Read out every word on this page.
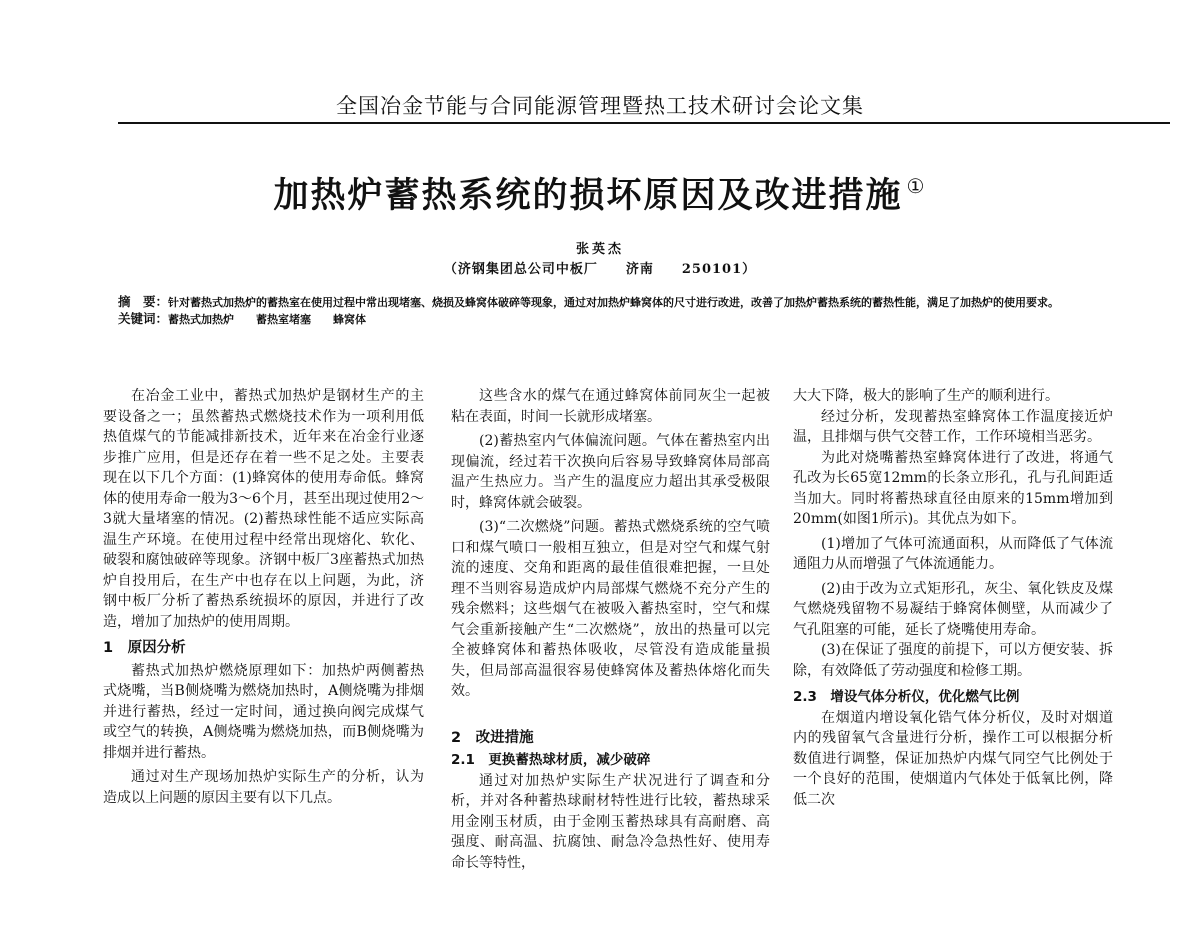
全国冶金节能与合同能源管理暨热工技术研讨会论文集
加热炉蓄热系统的损坏原因及改进措施 ①
张英杰
（济钢集团总公司中板厂　　济南　　250101）
摘　要：针对蓄热式加热炉的蓄热室在使用过程中常出现堵塞、烧损及蜂窝体破碎等现象，通过对加热炉蜂窝体的尺寸进行改进，改善了加热炉蓄热系统的蓄热性能，满足了加热炉的使用要求。
关键词：蓄热式加热炉　　蓄热室堵塞　　蜂窝体

在冶金工业中，蓄热式加热炉是钢材生产的主要设备之一；虽然蓄热式燃烧技术作为一项利用低热值煤气的节能减排新技术，近年来在冶金行业逐步推广应用，但是还存在着一些不足之处。主要表现在以下几个方面：(1)蜂窝体的使用寿命低。蜂窝体的使用寿命一般为3～6个月，甚至出现过使用2～3就大量堵塞的情况。(2)蓄热球性能不适应实际高温生产环境。在使用过程中经常出现熔化、软化、破裂和腐蚀破碎等现象。济钢中板厂3座蓄热式加热炉自投用后，在生产中也存在以上问题，为此，济钢中板厂分析了蓄热系统损坏的原因，并进行了改造，增加了加热炉的使用周期。

1　原因分析

蓄热式加热炉燃烧原理如下：加热炉两侧蓄热式烧嘴，当B侧烧嘴为燃烧加热时，A侧烧嘴为排烟并进行蓄热，经过一定时间，通过换向阀完成煤气或空气的转换，A侧烧嘴为燃烧加热，而B侧烧嘴为排烟并进行蓄热。

通过对生产现场加热炉实际生产的分析，认为造成以上问题的原因主要有以下几点。

这些含水的煤气在通过蜂窝体前同灰尘一起被粘在表面，时间一长就形成堵塞。

(2)蓄热室内气体偏流问题。气体在蓄热室内出现偏流，经过若干次换向后容易导致蜂窝体局部高温产生热应力。当产生的温度应力超出其承受极限时，蜂窝体就会破裂。

(3)“二次燃烧”问题。蓄热式燃烧系统的空气喷口和煤气喷口一般相互独立，但是对空气和煤气射流的速度、交角和距离的最佳值很难把握，一旦处理不当则容易造成炉内局部煤气燃烧不充分产生的残余燃料；这些烟气在被吸入蓄热室时，空气和煤气会重新接触产生“二次燃烧”，放出的热量可以完全被蜂窝体和蓄热体吸收，尽管没有造成能量损失，但局部高温很容易使蜂窝体及蓄热体熔化而失效。

2　改进措施
2.1　更换蓄热球材质，减少破碎

通过对加热炉实际生产状况进行了调查和分析，并对各种蓄热球耐材特性进行比较，蓄热球采用金刚玉材质，由于金刚玉蓄热球具有高耐磨、高强度、耐高温、抗腐蚀、耐急冷急热性好、使用寿命长等特性，

大大下降，极大的影响了生产的顺利进行。

经过分析，发现蓄热室蜂窝体工作温度接近炉温，且排烟与供气交替工作，工作环境相当恶劣。

为此对烧嘴蓄热室蜂窝体进行了改进，将通气孔改为长65宽12mm的长条立形孔，孔与孔间距适当加大。同时将蓄热球直径由原来的15mm增加到20mm(如图1所示)。其优点为如下。

(1)增加了气体可流通面积，从而降低了气体流通阻力从而增强了气体流通能力。

(2)由于改为立式矩形孔，灰尘、氧化铁皮及煤气燃烧残留物不易凝结于蜂窝体侧壁，从而减少了气孔阻塞的可能，延长了烧嘴使用寿命。

(3)在保证了强度的前提下，可以方便安装、拆除，有效降低了劳动强度和检修工期。

2.3　增设气体分析仪，优化燃气比例

在烟道内增设氧化锆气体分析仪，及时对烟道内的残留氧气含量进行分析，操作工可以根据分析数值进行调整，保证加热炉内煤气同空气比例处于一个良好的范围，使烟道内气体处于低氧比例，降低二次
